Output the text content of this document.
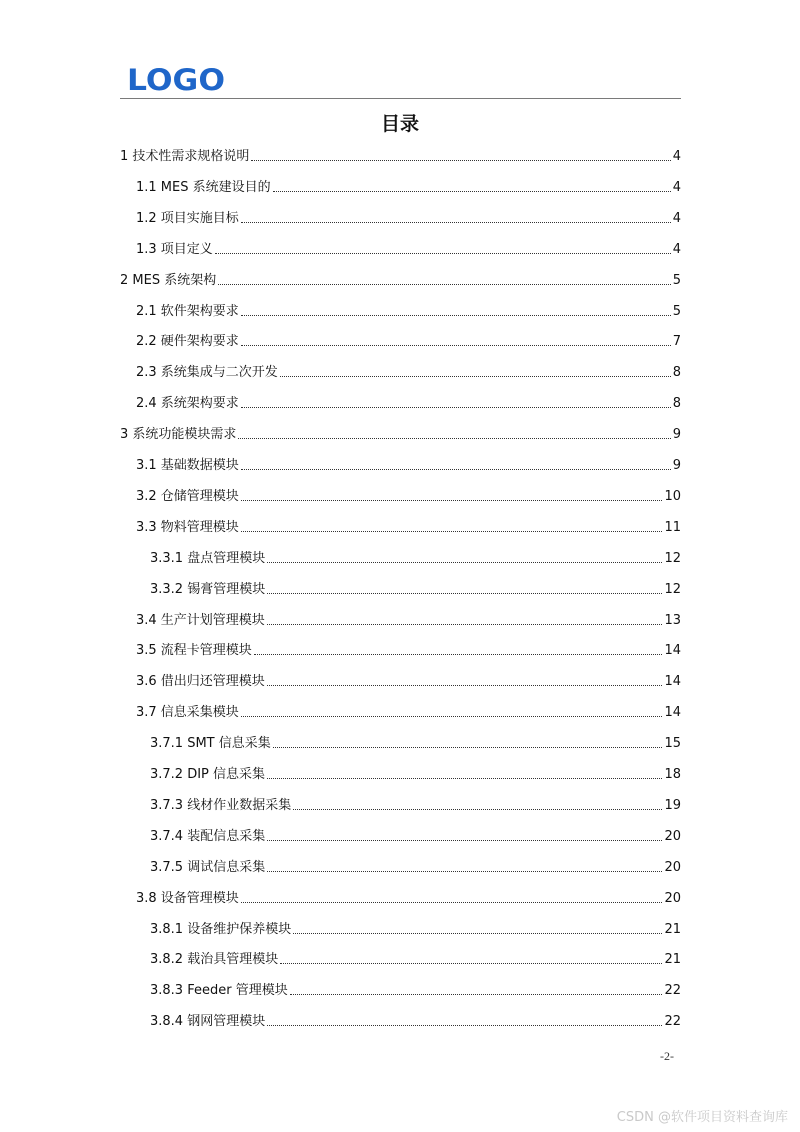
LOGO
目录
1 技术性需求规格说明	4
1.1 MES 系统建设目的	4
1.2 项目实施目标	4
1.3 项目定义	4
2 MES 系统架构	5
2.1 软件架构要求	5
2.2 硬件架构要求	7
2.3 系统集成与二次开发	8
2.4 系统架构要求	8
3 系统功能模块需求	9
3.1 基础数据模块	9
3.2 仓储管理模块	10
3.3 物料管理模块	11
3.3.1 盘点管理模块	12
3.3.2 锡膏管理模块	12
3.4 生产计划管理模块	13
3.5 流程卡管理模块	14
3.6 借出归还管理模块	14
3.7 信息采集模块	14
3.7.1 SMT 信息采集	15
3.7.2 DIP 信息采集	18
3.7.3 线材作业数据采集	19
3.7.4 装配信息采集	20
3.7.5 调试信息采集	20
3.8 设备管理模块	20
3.8.1 设备维护保养模块	21
3.8.2 载治具管理模块	21
3.8.3 Feeder 管理模块	22
3.8.4 钢网管理模块	22
-2-
CSDN @软件项目资料查询库
